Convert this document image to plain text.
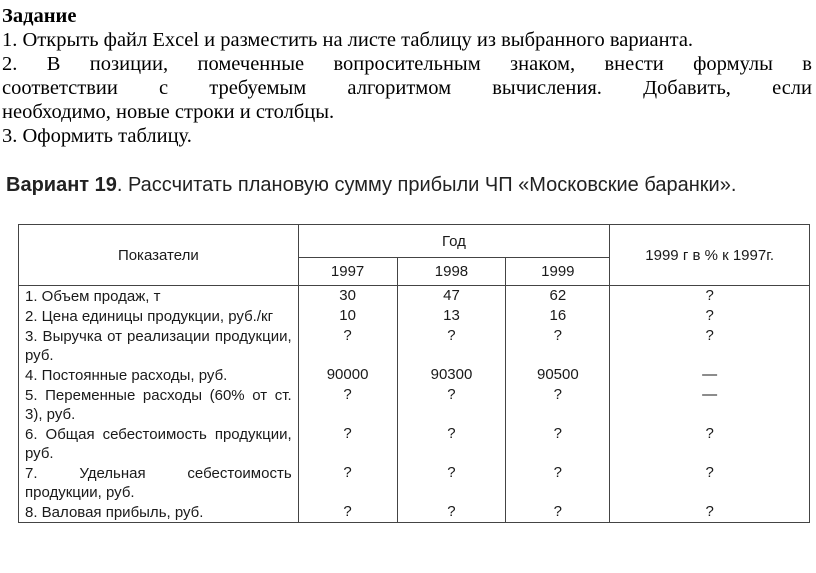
Задание

1. Открыть файл Excel и разместить на листе таблицу из выбранного варианта.

2. В позиции, помеченные вопросительным знаком, внести формулы в

соответствии с требуемым алгоритмом вычисления. Добавить, если

необходимо, новые строки и столбцы.

3. Оформить таблицу.

Вариант 19. Рассчитать плановую сумму прибыли ЧП «Московские баранки».
Показатели	Год			1999 г в % к 1997г.
	1997	1998	1999	
1. Объем продаж, т	30	47	62	?
2. Цена единицы продукции, руб./кг	10	13	16	?
3. Выручка от реализации продукции, руб.	?	?	?	?
4. Постоянные расходы, руб.	90000	90300	90500	—
5. Переменные расходы (60% от ст. 3), руб.	?	?	?	—
6. Общая себестоимость продукции, руб.	?	?	?	?
7. Удельная себестоимость продукции, руб.	?	?	?	?
8. Валовая прибыль, руб.	?	?	?	?
